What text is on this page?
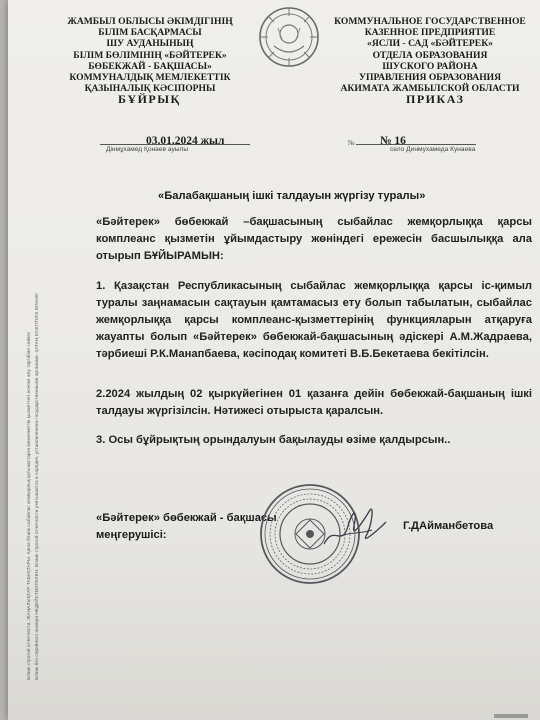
Бланк строгой отчетности. ЖАҢАЛЫҚТАР ТАБАҚТАРЫ. Қағаз бланк сыбайлас жемқорлық қатынастарға мемлекеттік қызметтегі есепке алу тәртібіне сәйкес Бланк без серийного номера НЕДЕЙСТВИТЕЛЕН. Бланк строгой отчетности учитывается в порядке, установленном государственными органами. ҚАТАҢ ЕСЕПТІЛІК БЛАНКІ
ЖАМБЫЛ ОБЛЫСЫ ӘКІМДІГІНІҢ
БІЛІМ БАСҚАРМАСЫ
ШУ АУДАНЫНЫҢ
БІЛІМ БӨЛІМІНІҢ «БӘЙТЕРЕК»
БӨБЕКЖАЙ - БАҚШАСЫ»
КОММУНАЛДЫҚ МЕМЛЕКЕТТІК
ҚАЗЫНАЛЫҚ КӘСІПОРНЫ
КОММУНАЛЬНОЕ ГОСУДАРСТВЕННОЕ
КАЗЕННОЕ ПРЕДПРИЯТИЕ
«ЯСЛИ - САД «БӘЙТЕРЕК»
ОТДЕЛА ОБРАЗОВАНИЯ
ШУСКОГО РАЙОНА
УПРАВЛЕНИЯ ОБРАЗОВАНИЯ
АКИМАТА ЖАМБЫЛСКОЙ ОБЛАСТИ
БҰЙРЫҚ	ПРИКАЗ
03.01.2024 жыл	№ № 16
Дінмұхамед Қонаев ауылы	село Динмухамеда Кунаева
«Балабақшаның ішкі талдауын жүргізу туралы»
«Бәйтерек» бөбекжай –бақшасының сыбайлас жемқорлыққа қарсы комплеанс қызметін ұйымдастыру жөніндегі ережесін басшылыққа ала отырып БҰЙЫРАМЫН:
1. Қазақстан Республикасының сыбайлас жемқорлыққа қарсы іс-қимыл туралы заңнамасын сақтауын қамтамасыз ету болып табылатын, сыбайлас жемқорлыққа қарсы комплеанс-қызметтерінің функцияларын атқаруға жауапты болып «Бәйтерек» бөбекжай-бақшасының әдіскері А.М.Жадраева, тәрбиеші Р.К.Манапбаева, кәсіподақ комитеті В.Б.Бекетаева бекітілсін.
2.2024 жылдың 02 қыркүйегінен 01 қазанға дейін бөбекжай-бақшаның ішкі талдауы жүргізілсін. Нәтижесі отырыста қаралсын.
3. Осы бұйрықтың орындалуын бақылауды өзіме қалдырсын..
«Бәйтерек» бөбекжай - бақшасы
меңгерушісі:
Г.ДАйманбетова
